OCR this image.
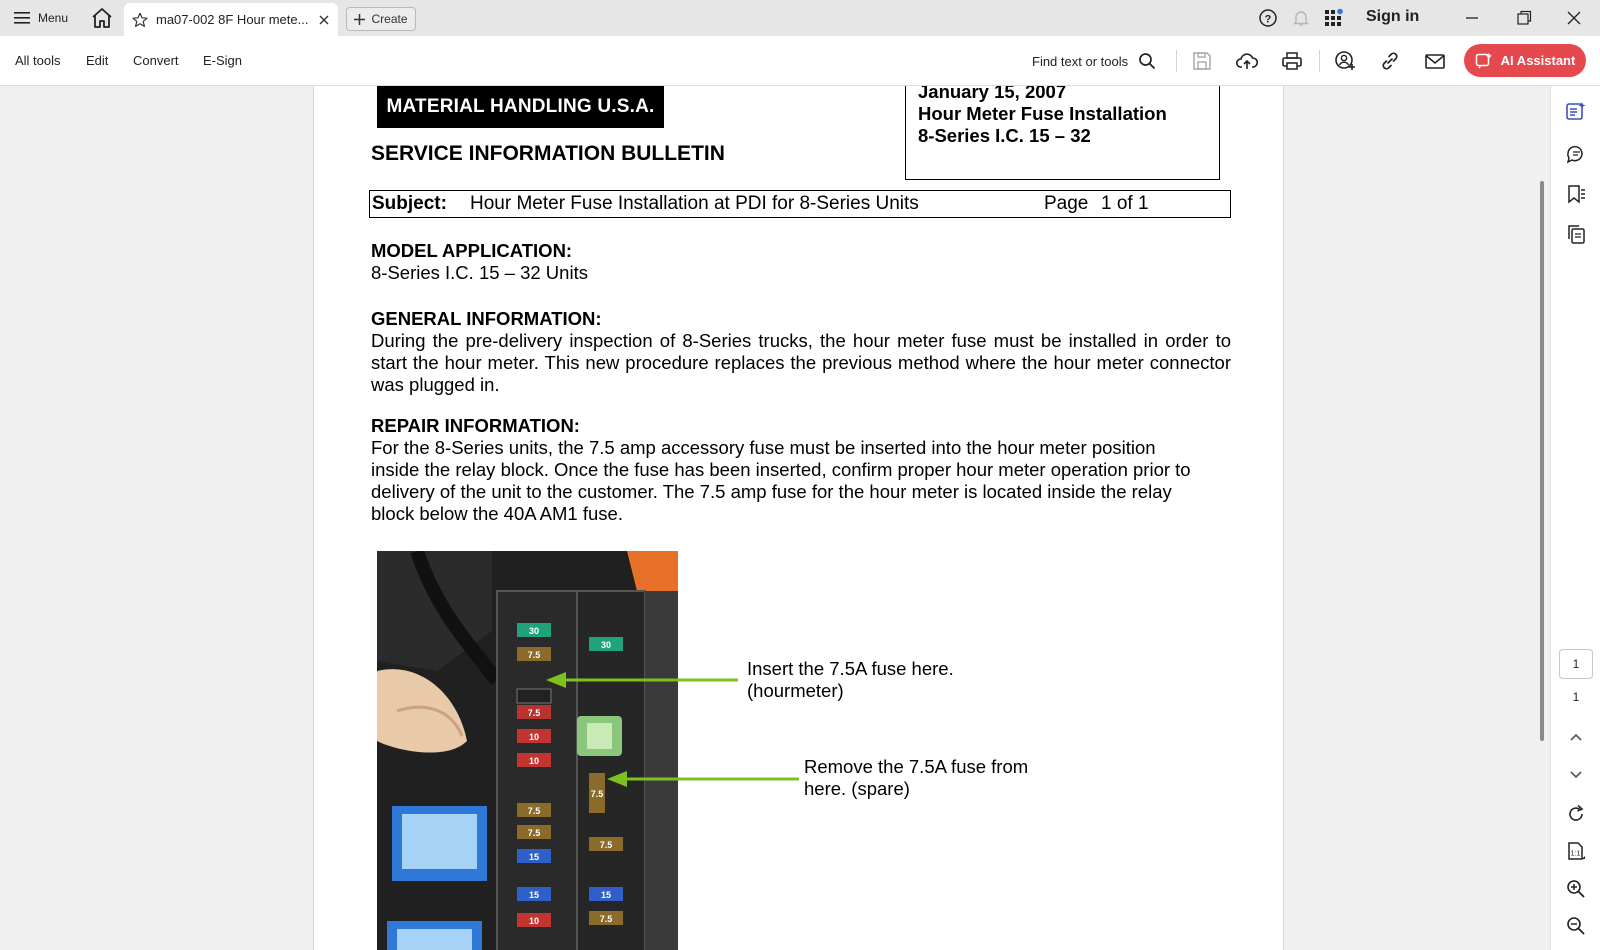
Menu	ma07-002 8F Hour mete...	Create	?	Sign in
All tools Edit Convert E-Sign	Find text or tools	AI Assistant
MATERIAL HANDLING U.S.A.
January 15, 2007
Hour Meter Fuse Installation
8-Series I.C. 15 – 32
SERVICE INFORMATION BULLETIN
Subject: Hour Meter Fuse Installation at PDI for 8-Series Units	Page 1 of 1
MODEL APPLICATION:
8-Series I.C. 15 – 32 Units
GENERAL INFORMATION:
During the pre-delivery inspection of 8-Series trucks, the hour meter fuse must be installed in order to start the hour meter. This new procedure replaces the previous method where the hour meter connector was plugged in.
REPAIR INFORMATION:
For the 8-Series units, the 7.5 amp accessory fuse must be inserted into the hour meter position
inside the relay block. Once the fuse has been inserted, confirm proper hour meter operation prior to
delivery of the unit to the customer. The 7.5 amp fuse for the hour meter is located inside the relay
block below the 40A AM1 fuse.
30
7.5
30
7.5
10
10
7.5
7.5
15
15	15
10
7.5
7.5
7.5
Insert the 7.5A fuse here.
(hourmeter)
Remove the 7.5A fuse from
here. (spare)
1
1
1:1
